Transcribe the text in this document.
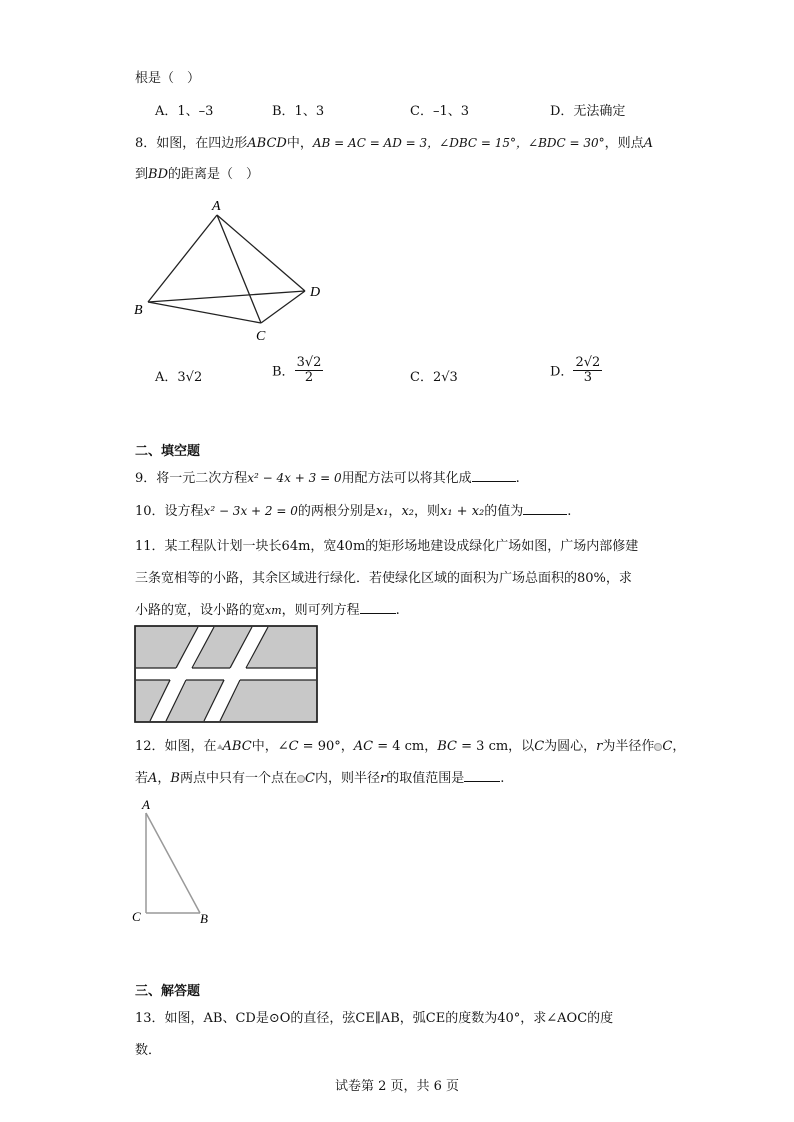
根是（　）
A．1、–3	B．1、3	C．–1、3	D．无法确定
8．如图，在四边形ABCD中，AB = AC = AD = 3，∠DBC = 15°，∠BDC = 30°，则点A
到BD的距离是（　）
A
B
C
D
A．3√2	B． $\frac{3√2}{2}$	C．2√3	D． $\frac{2√2}{3}$
二、填空题
9．将一元二次方程x² − 4x + 3 = 0用配方法可以将其化成	.
10．设方程x² − 3x + 2 = 0的两根分别是x₁，x₂，则x₁ + x₂的值为	.
11．某工程队计划一块长64m，宽40m的矩形场地建设成绿化广场如图，广场内部修建
三条宽相等的小路，其余区域进行绿化．若使绿化区域的面积为广场总面积的80%，求
小路的宽，设小路的宽xm，则可列方程	.
12．如图，在 ABC中，∠C = 90°，AC = 4 cm，BC = 3 cm，以C为圆心，r为半径作 C，
若A，B两点中只有一个点在 C内，则半径r的取值范围是	.
A
C	B
三、解答题
13．如图，AB、CD是⊙O的直径，弦CE∥AB，弧CE的度数为40°，求∠AOC的度
数．
试卷第 2 页，共 6 页
